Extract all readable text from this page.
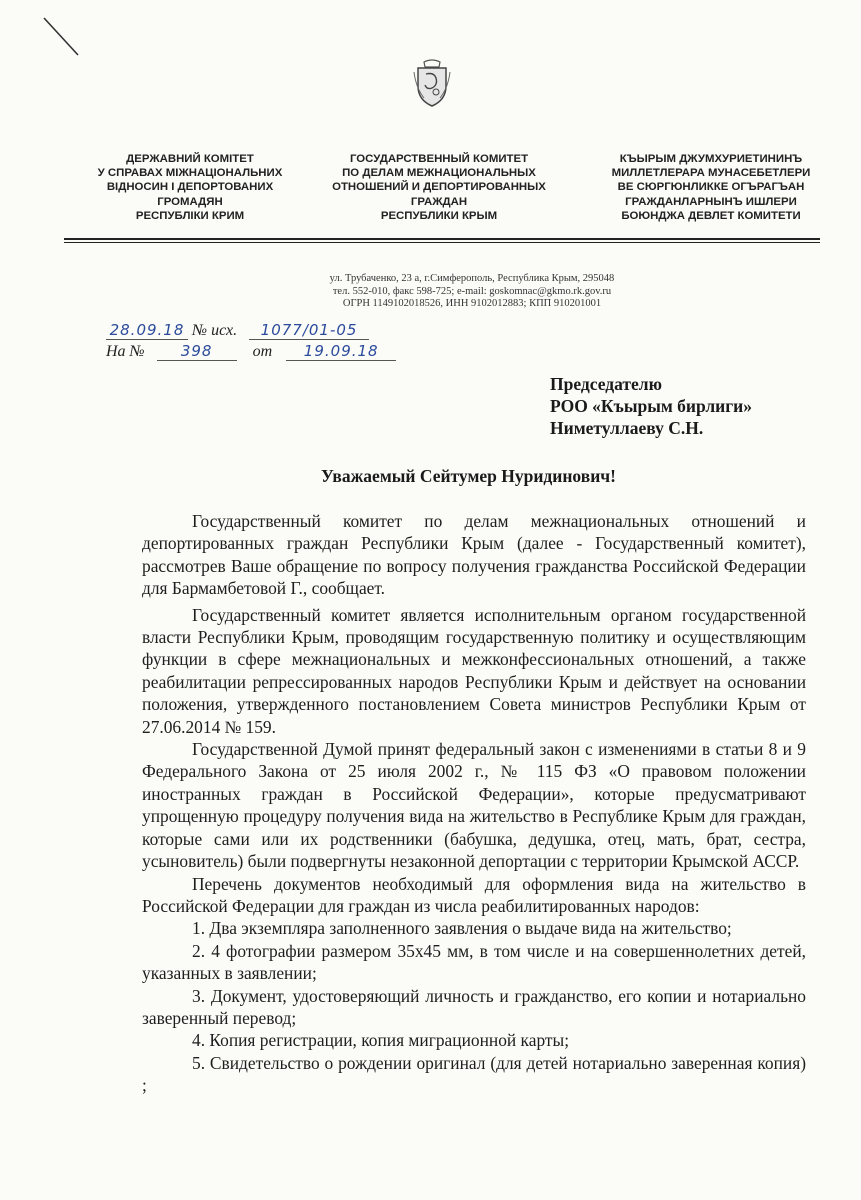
ДЕРЖАВНИЙ КОМІТЕТ
У СПРАВАХ МІЖНАЦІОНАЛЬНИХ
ВІДНОСИН І ДЕПОРТОВАНИХ
ГРОМАДЯН
РЕСПУБЛІКИ КРИМ
ГОСУДАРСТВЕННЫЙ КОМИТЕТ
ПО ДЕЛАМ МЕЖНАЦИОНАЛЬНЫХ
ОТНОШЕНИЙ И ДЕПОРТИРОВАННЫХ
ГРАЖДАН
РЕСПУБЛИКИ КРЫМ
КЪЫРЫМ ДЖУМХУРИЕТИНИНЪ
МИЛЛЕТЛЕРАРА МУНАСЕБЕТЛЕРИ
ВЕ СЮРГЮНЛИККЕ ОГЪРАГЪАН
ГРАЖДАНЛАРНЫНЪ ИШЛЕРИ
БОЮНДЖА ДЕВЛЕТ КОМИТЕТИ
ул. Трубаченко, 23 а, г.Симферополь, Республика Крым, 295048
тел. 552-010, факс 598-725; e-mail: goskomnac@gkmo.rk.gov.ru
ОГРН 1149102018526, ИНН 9102012883; КПП 910201001
28.09.18 № исх. 1077/01-05
На № 398	от 19.09.18
Председателю
РОО «Къырым бирлиги»
Ниметуллаеву С.Н.
Уважаемый Сейтумер Нуридинович!

Государственный комитет по делам межнациональных отношений и депортированных граждан Республики Крым (далее - Государственный комитет), рассмотрев Ваше обращение по вопросу получения гражданства Российской Федерации для Бармамбетовой Г., сообщает.

Государственный комитет является исполнительным органом государственной власти Республики Крым, проводящим государственную политику и осуществляющим функции в сфере межнациональных и межконфессиональных отношений, а также реабилитации репрессированных народов Республики Крым и действует на основании положения, утвержденного постановлением Совета министров Республики Крым от 27.06.2014 № 159.

Государственной Думой принят федеральный закон с изменениями в статьи 8 и 9 Федерального Закона от 25 июля 2002 г., № 115 ФЗ «О правовом положении иностранных граждан в Российской Федерации», которые предусматривают упрощенную процедуру получения вида на жительство в Республике Крым для граждан, которые сами или их родственники (бабушка, дедушка, отец, мать, брат, сестра, усыновитель) были подвергнуты незаконной депортации с территории Крымской АССР.

Перечень документов необходимый для оформления вида на жительство в Российской Федерации для граждан из числа реабилитированных народов:

1. Два экземпляра заполненного заявления о выдаче вида на жительство;

2. 4 фотографии размером 35х45 мм, в том числе и на совершеннолетних детей, указанных в заявлении;

3. Документ, удостоверяющий личность и гражданство, его копии и нотариально заверенный перевод;

4. Копия регистрации, копия миграционной карты;

5. Свидетельство о рождении оригинал (для детей нотариально заверенная копия) ;
